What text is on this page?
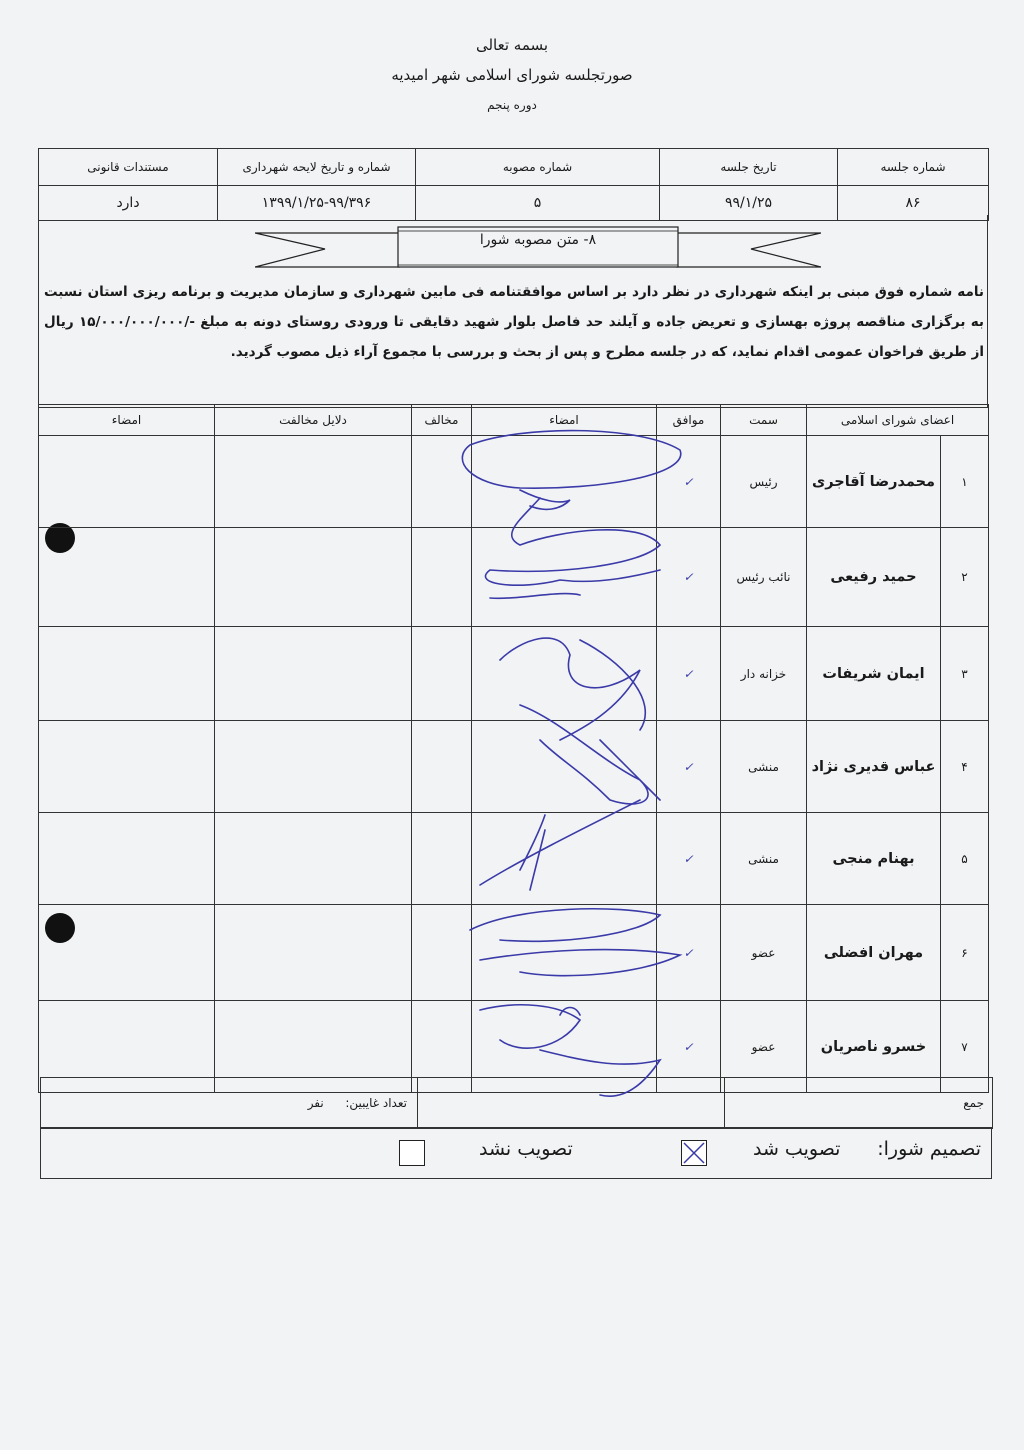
بسمه تعالی
صورتجلسه شورای اسلامی شهر امیدیه
دوره پنجم
شماره جلسه	تاریخ جلسه	شماره مصوبه	شماره و تاریخ لایحه شهرداری	مستندات قانونی
۸۶	۹۹/۱/۲۵	۵	۱۳۹۹/۱/۲۵-۹۹/۳۹۶	دارد
۸- متن مصوبه شورا
نامه شماره فوق مبنی بر اینکه شهرداری در نظر دارد بر اساس موافقتنامه فی مابین شهرداری و سازمان مدیریت و برنامه ریزی استان نسبت به برگزاری مناقصه پروژه بهسازی و تعریض جاده و آیلند حد فاصل بلوار شهید دقایقی تا ورودی روستای دونه به مبلغ -/۱۵/۰۰۰/۰۰۰/۰۰۰ ریال از طریق فراخوان عمومی اقدام نماید، که در جلسه مطرح و پس از بحث و بررسی با مجموع آراء ذیل مصوب گردید.
اعضای شورای اسلامی		سمت	موافق	امضاء	مخالف	دلایل مخالفت	امضاء
۱	محمدرضا آقاجری	رئیس	✓				
۲	حمید رفیعی	نائب رئیس	✓				
۳	ایمان شریفات	خزانه دار	✓				
۴	عباس قدیری نژاد	منشی	✓				
۵	بهنام منجی	منشی	✓				
۶	مهران افضلی	عضو	✓				
۷	خسرو ناصریان	عضو	✓				
جمع		تعداد غایبین:  نفر
تصمیم شورا:
تصویب شد
تصویب نشد
